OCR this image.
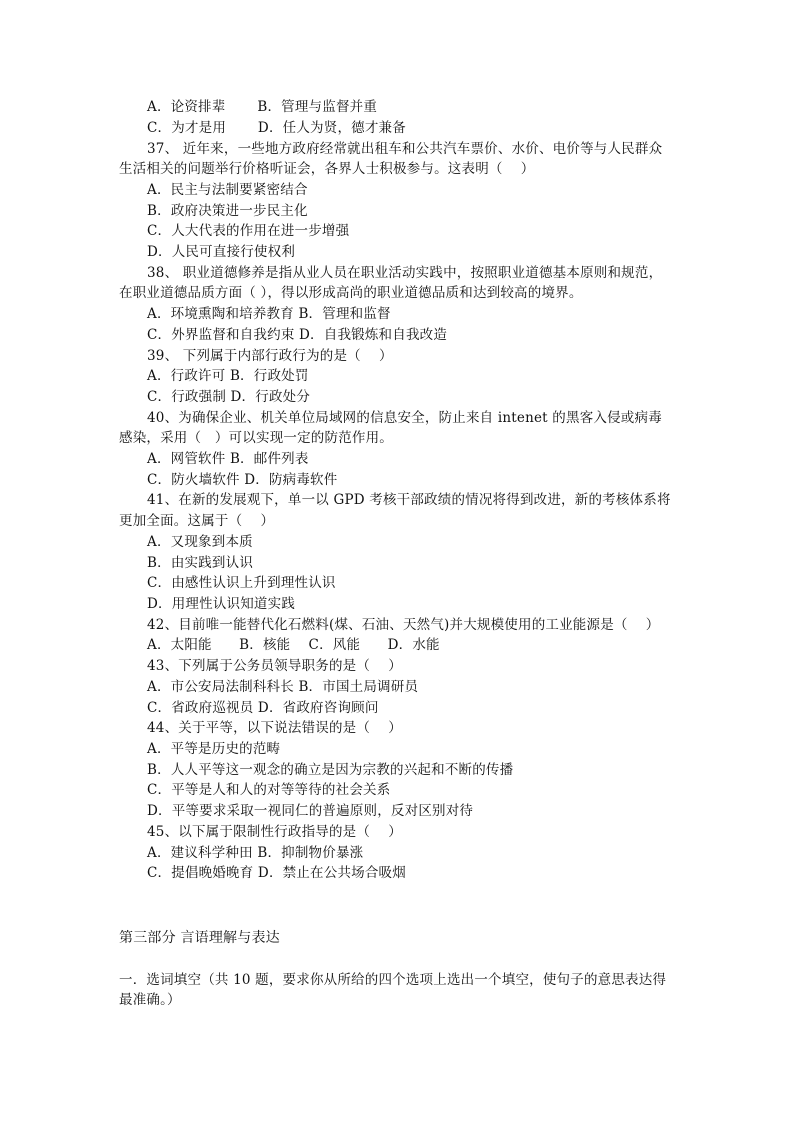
A．论资排辈　　 B．管理与监督并重
C．为才是用　　 D．任人为贤，德才兼备
37、 近年来，一些地方政府经常就出租车和公共汽车票价、水价、电价等与人民群众
生活相关的问题举行价格听证会，各界人士积极参与。这表明（　 ）
A．民主与法制要紧密结合
B．政府决策进一步民主化
C．人大代表的作用在进一步增强
D．人民可直接行使权利
38、 职业道德修养是指从业人员在职业活动实践中，按照职业道德基本原则和规范，
在职业道德品质方面（ ），得以形成高尚的职业道德品质和达到较高的境界。
A．环境熏陶和培养教育 B．管理和监督
C．外界监督和自我约束 D．自我锻炼和自我改造
39、 下列属于内部行政行为的是（　 ）
A．行政许可 B．行政处罚
C．行政强制 D．行政处分
40、为确保企业、机关单位局域网的信息安全，防止来自 intenet 的黑客入侵或病毒
感染，采用（　）可以实现一定的防范作用。
A．网管软件 B．邮件列表
C．防火墙软件 D．防病毒软件
41、在新的发展观下，单一以 GPD 考核干部政绩的情况将得到改进，新的考核体系将
更加全面。这属于（　 ）
A．又现象到本质
B．由实践到认识
C．由感性认识上升到理性认识
D．用理性认识知道实践
42、目前唯一能替代化石燃料(煤、石油、天然气)并大规模使用的工业能源是（　 ）
A．太阳能　　B．核能　 C．风能　　D．水能
43、下列属于公务员领导职务的是（　 ）
A．市公安局法制科科长 B．市国土局调研员
C．省政府巡视员 D．省政府咨询顾问
44、关于平等，以下说法错误的是（　 ）
A．平等是历史的范畴
B．人人平等这一观念的确立是因为宗教的兴起和不断的传播
C．平等是人和人的对等等待的社会关系
D．平等要求采取一视同仁的普遍原则，反对区别对待
45、以下属于限制性行政指导的是（　 ）
A．建议科学种田 B．抑制物价暴涨
C．提倡晚婚晚育 D．禁止在公共场合吸烟
第三部分 言语理解与表达
一．选词填空（共 10 题，要求你从所给的四个选项上选出一个填空，使句子的意思表达得
最准确。）
